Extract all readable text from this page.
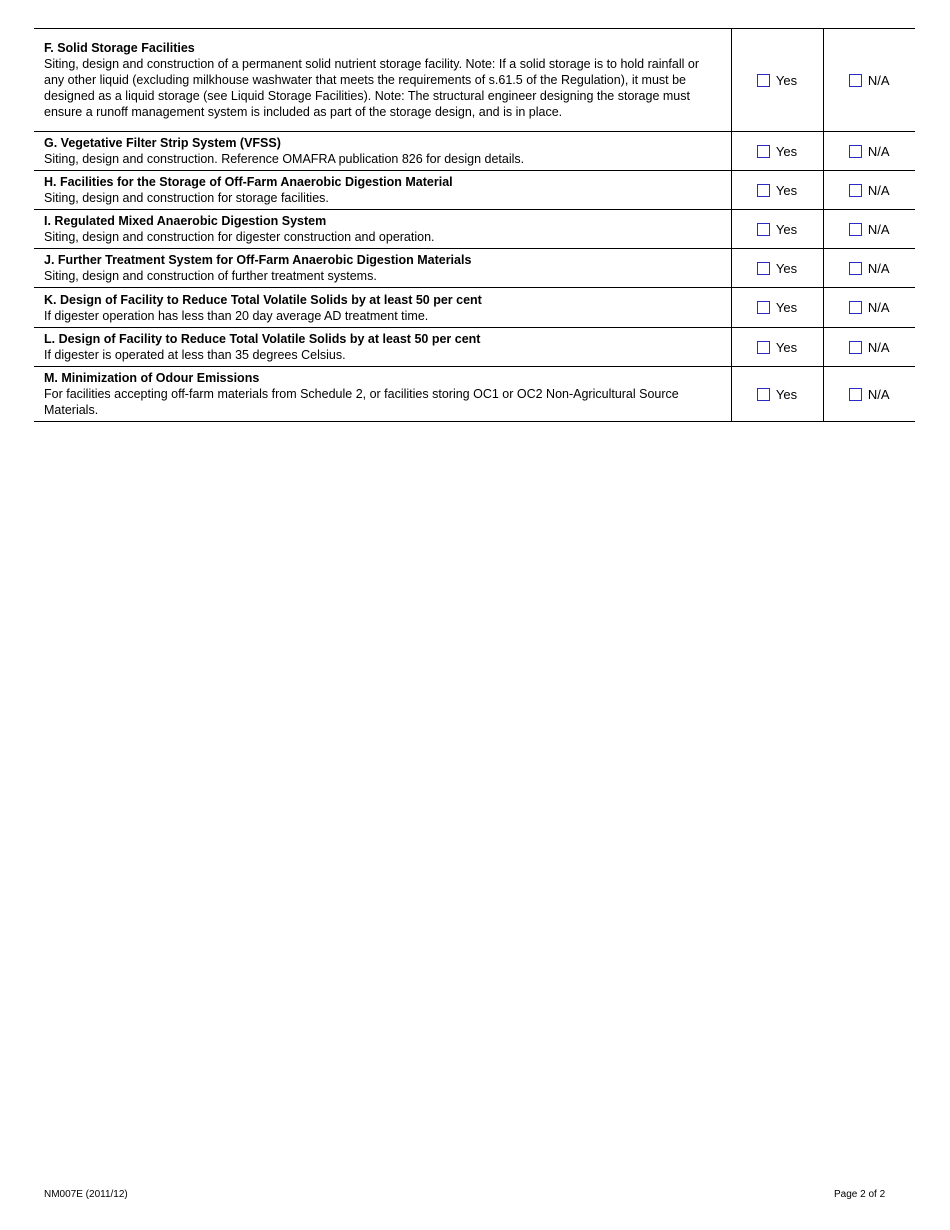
F. Solid Storage Facilities
Siting, design and construction of a permanent solid nutrient storage facility. Note: If a solid storage is to hold rainfall or any other liquid (excluding milkhouse washwater that meets the requirements of s.61.5 of the Regulation), it must be designed as a liquid storage (see Liquid Storage Facilities). Note: The structural engineer designing the storage must ensure a runoff management system is included as part of the storage design, and is in place.	Yes	N/A

G. Vegetative Filter Strip System (VFSS)
Siting, design and construction. Reference OMAFRA publication 826 for design details.	Yes	N/A

H. Facilities for the Storage of Off-Farm Anaerobic Digestion Material
Siting, design and construction for storage facilities.	Yes	N/A

I. Regulated Mixed Anaerobic Digestion System
Siting, design and construction for digester construction and operation.	Yes	N/A

J. Further Treatment System for Off-Farm Anaerobic Digestion Materials
Siting, design and construction of further treatment systems.	Yes	N/A

K. Design of Facility to Reduce Total Volatile Solids by at least 50 per cent
If digester operation has less than 20 day average AD treatment time.	Yes	N/A

L. Design of Facility to Reduce Total Volatile Solids by at least 50 per cent
If digester is operated at less than 35 degrees Celsius.	Yes	N/A

M. Minimization of Odour Emissions
For facilities accepting off-farm materials from Schedule 2, or facilities storing OC1 or OC2 Non-Agricultural Source Materials.	Yes	N/A
NM007E (2011/12)	Page 2 of 2
